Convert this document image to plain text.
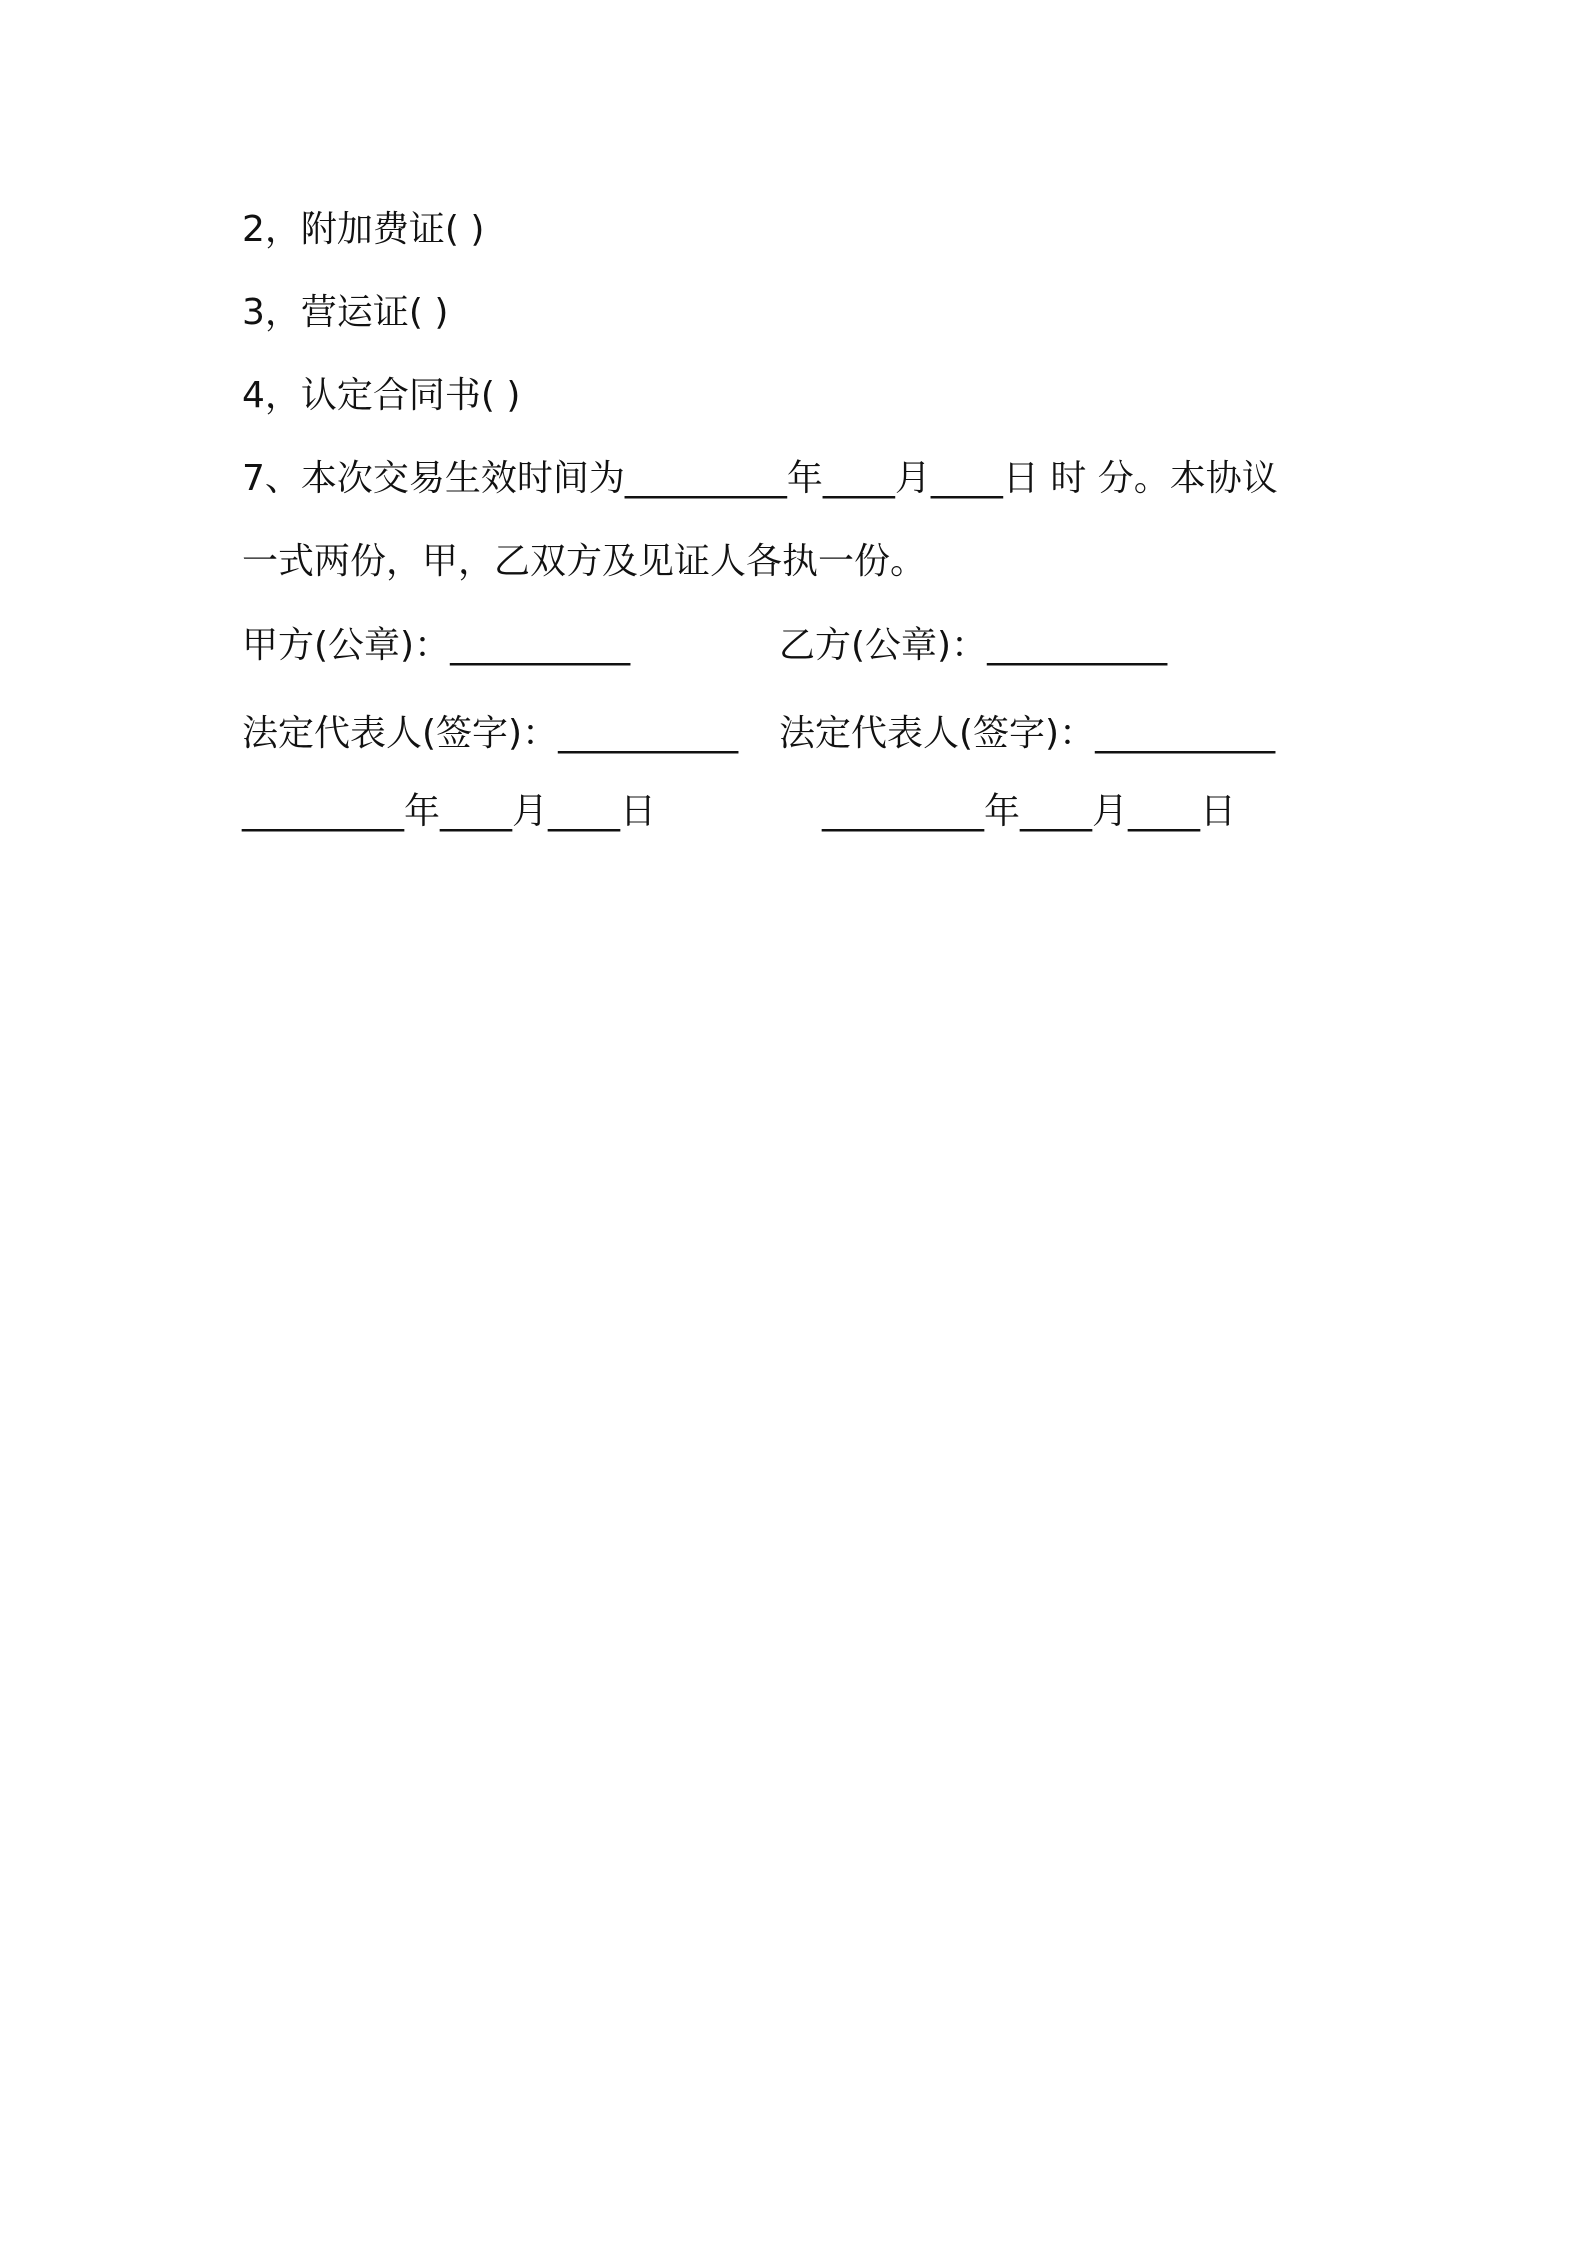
2，附加费证( )

3，营运证( )

4，认定合同书( )

7、本次交易生效时间为_________年____月____日 时 分。本协议

一式两份，甲，乙双方及见证人各执一份。

甲方(公章)：__________	乙方(公章)：__________

法定代表人(签字)：__________ 法定代表人(签字)：__________

_________年____月____日	_________年____月____日
